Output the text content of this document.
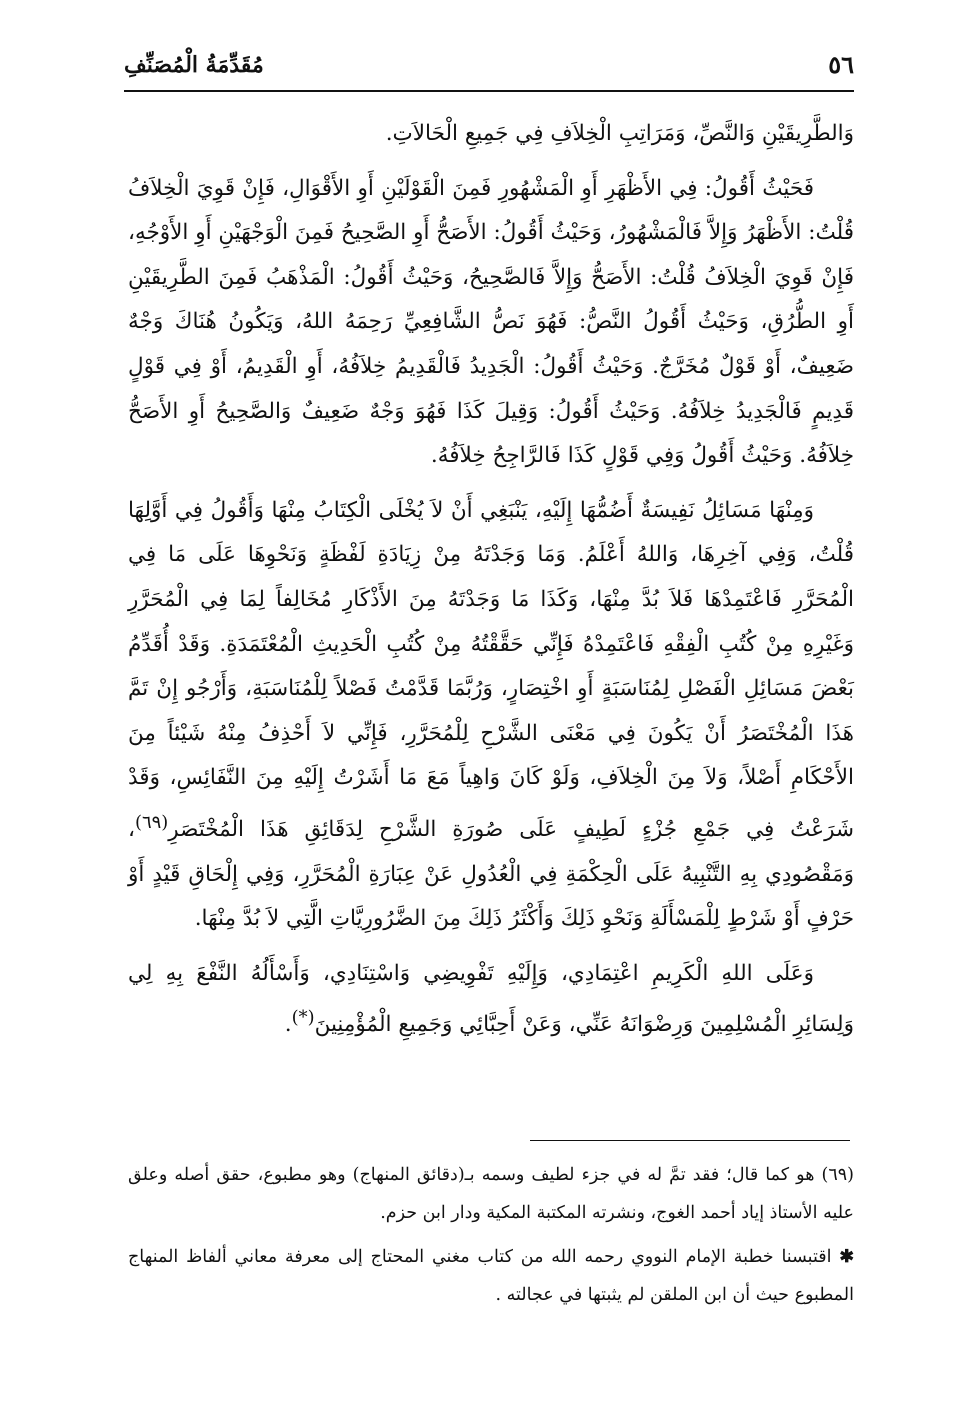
٥٦
مُقَدِّمَةُ الْمُصَنِّفِ

وَالطَّرِيقَيْنِ وَالنَّصِّ، وَمَرَاتِبِ الْخِلاَفِ فِي جَمِيعِ الْحَالاَتِ.

فَحَيْثُ أَقُولُ: فِي الأَظْهَرِ أَوِ الْمَشْهُورِ فَمِنَ الْقَوْلَيْنِ أَوِ الأَقْوَالِ، فَإِنْ قَوِيَ الْخِلاَفُ قُلْتُ: الأَظْهَرُ وَإِلاَّ فَالْمَشْهُورُ، وَحَيْثُ أَقُولُ: الأَصَحُّ أَوِ الصَّحِيحُ فَمِنَ الْوَجْهَيْنِ أَوِ الأَوْجُهِ، فَإِنْ قَوِيَ الْخِلاَفُ قُلْتُ: الأَصَحُّ وَإِلاَّ فَالصَّحِيحُ، وَحَيْثُ أَقُولُ: الْمَذْهَبُ فَمِنَ الطَّرِيقَيْنِ أَوِ الطُّرُقِ، وَحَيْثُ أَقُولُ النَّصُّ: فَهُوَ نَصُّ الشَّافِعِيِّ رَحِمَهُ اللهُ، وَيَكُونُ هُنَاكَ وَجْهٌ ضَعِيفٌ، أَوْ قَوْلٌ مُخَرَّجٌ. وَحَيْثُ أَقُولُ: الْجَدِيدُ فَالْقَدِيمُ خِلاَفُهُ، أَوِ الْقَدِيمُ، أَوْ فِي قَوْلٍ قَدِيمٍ فَالْجَدِيدُ خِلاَفُهُ. وَحَيْثُ أَقُولُ: وَقِيلَ كَذَا فَهُوَ وَجْهٌ ضَعِيفٌ وَالصَّحِيحُ أَوِ الأَصَحُّ خِلاَفُهُ. وَحَيْثُ أَقُولُ وَفِي قَوْلٍ كَذَا فَالرَّاجِحُ خِلاَفُهُ.

وَمِنْهَا مَسَائِلُ نَفِيسَةٌ أَضُمُّهَا إِلَيْهِ، يَنْبَغِي أَنْ لاَ يُخْلَى الْكِتَابُ مِنْهَا وَأَقُولُ فِي أَوَّلِهَا قُلْتُ، وَفِي آخِرِهَا، وَاللهُ أَعْلَمُ. وَمَا وَجَدْتَهُ مِنْ زِيَادَةِ لَفْظَةٍ وَنَحْوِهَا عَلَى مَا فِي الْمُحَرَّرِ فَاعْتَمِدْهَا فَلاَ بُدَّ مِنْهَا، وَكَذَا مَا وَجَدْتَهُ مِنَ الأَذْكَارِ مُخَالِفاً لِمَا فِي الْمُحَرَّرِ وَغَيْرِهِ مِنْ كُتُبِ الْفِقْهِ فَاعْتَمِدْهُ فَإِنِّي حَقَّقْتُهُ مِنْ كُتُبِ الْحَدِيثِ الْمُعْتَمَدَةِ. وَقَدْ أُقَدِّمُ بَعْضَ مَسَائِلِ الْفَصْلِ لِمُنَاسَبَةٍ أَوِ اخْتِصَارٍ، وَرُبَّمَا قَدَّمْتُ فَصْلاً لِلْمُنَاسَبَةِ، وَأَرْجُو إِنْ تَمَّ هَذَا الْمُخْتَصَرُ أَنْ يَكُونَ فِي مَعْنَى الشَّرْحِ لِلْمُحَرَّرِ، فَإِنِّي لاَ أَحْذِفُ مِنْهُ شَيْئاً مِنَ الأَحْكَامِ أَصْلاً، وَلاَ مِنَ الْخِلاَفِ، وَلَوْ كَانَ وَاهِياً مَعَ مَا أَشَرْتُ إِلَيْهِ مِنَ النَّفَائِسِ، وَقَدْ شَرَعْتُ فِي جَمْعِ جُزْءٍ لَطِيفٍ عَلَى صُورَةِ الشَّرْحِ لِدَقَائِقِ هَذَا الْمُخْتَصَرِ$^{(٦٩)}$، وَمَقْصُودِي بِهِ التَّنْبِيهُ عَلَى الْحِكْمَةِ فِي الْعُدُولِ عَنْ عِبَارَةِ الْمُحَرَّرِ، وَفِي إِلْحَاقِ قَيْدٍ أَوْ حَرْفٍ أَوْ شَرْطٍ لِلْمَسْأَلَةِ وَنَحْوِ ذَلِكَ وَأَكْثَرُ ذَلِكَ مِنَ الضَّرُورِيَّاتِ الَّتِي لاَ بُدَّ مِنْهَا.

وَعَلَى اللهِ الْكَرِيمِ اعْتِمَادِي، وَإِلَيْهِ تَفْوِيضِي وَاسْتِنَادِي، وَأَسْأَلُهُ النَّفْعَ بِهِ لِي وَلِسَائِرِ الْمُسْلِمِينَ وَرِضْوَانَهُ عَنِّي، وَعَنْ أَحِبَّائِي وَجَمِيعِ الْمُؤْمِنِينَ(*).

(٦٩) هو كما قال؛ فقد تمَّ له في جزء لطيف وسمه بـ(دقائق المنهاج) وهو مطبوع، حقق أصله وعلق عليه الأستاذ إياد أحمد الغوج، ونشرته المكتبة المكية ودار ابن حزم.

✱ اقتبسنا خطبة الإمام النووي رحمه الله من كتاب مغني المحتاج إلى معرفة معاني ألفاظ المنهاج المطبوع حيث أن ابن الملقن لم يثبتها في عجالته .
